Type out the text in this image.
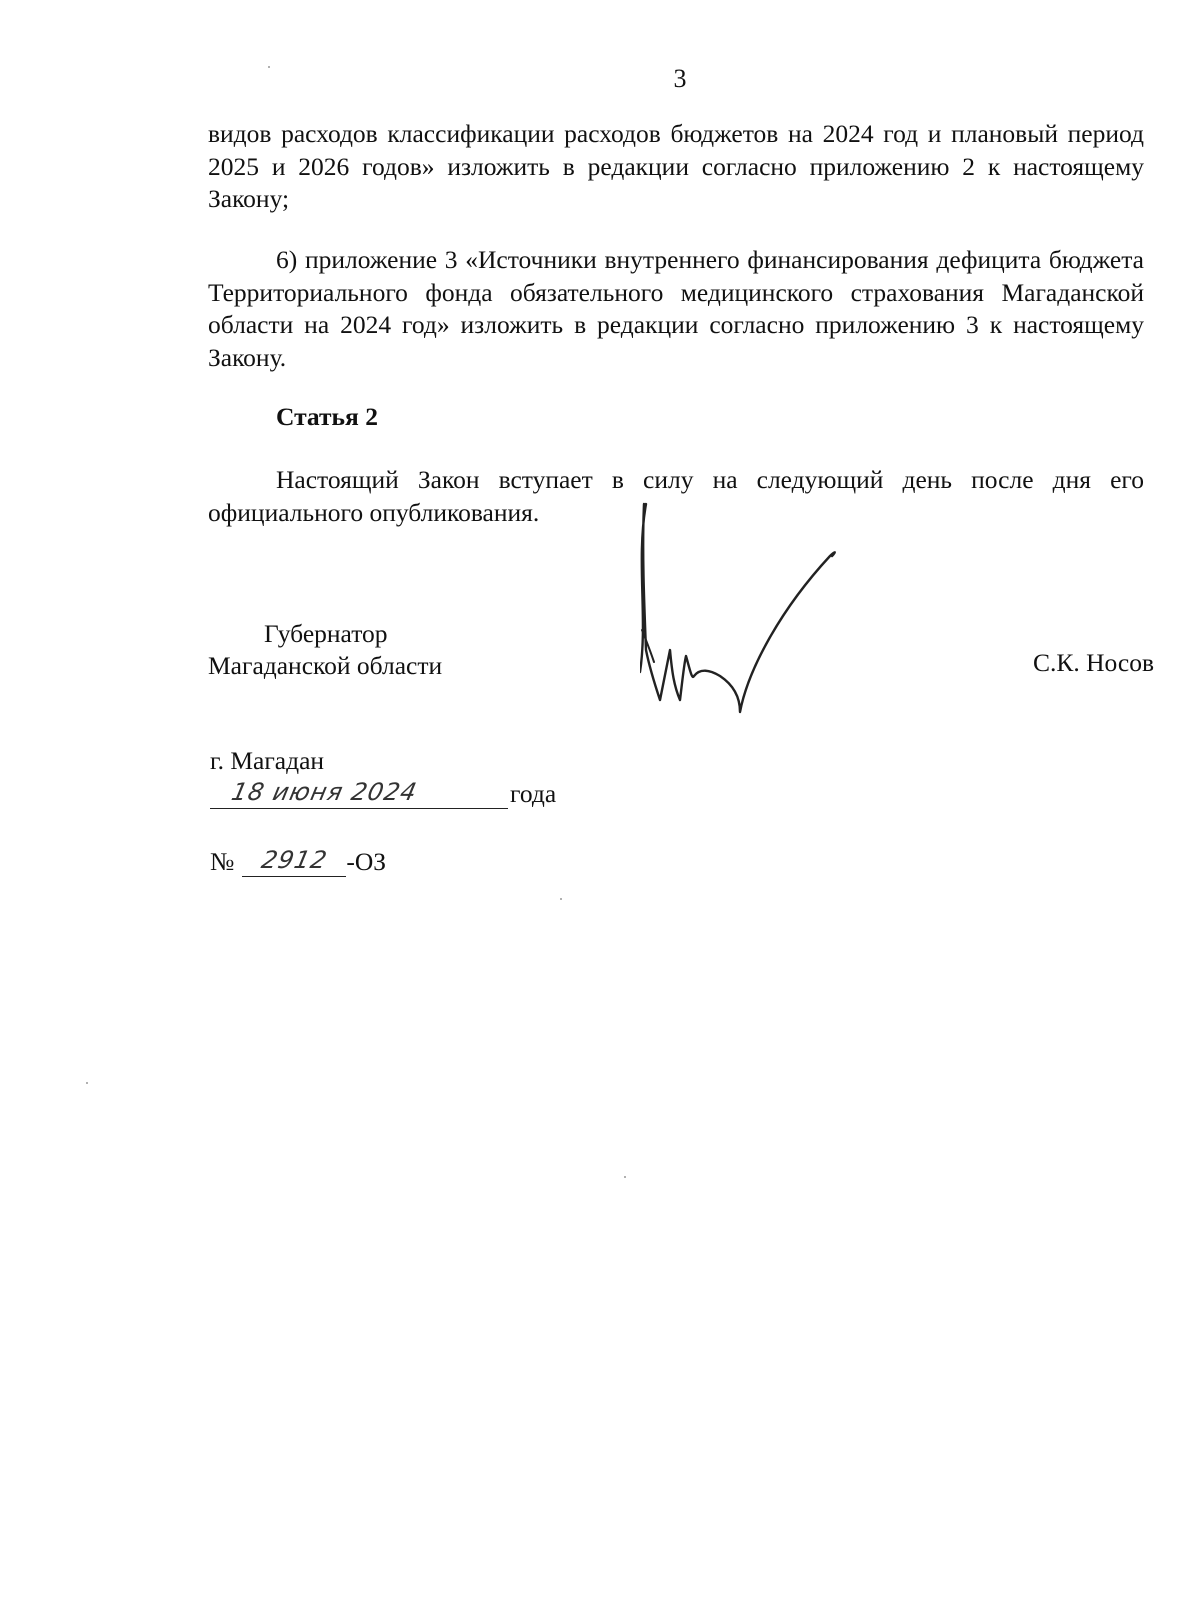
3
видов расходов классификации расходов бюджетов на 2024 год и плановый период 2025 и 2026 годов» изложить в редакции согласно приложению 2 к настоящему Закону;
6) приложение 3 «Источники внутреннего финансирования дефицита бюджета Территориального фонда обязательного медицинского страхования Магаданской области на 2024 год» изложить в редакции согласно приложению 3 к настоящему Закону.
Статья 2
Настоящий Закон вступает в силу на следующий день после дня его официального опубликования.
Губернатор
Магаданской области	С.К. Носов
г. Магадан
18 июня 2024	года
№ 2912 -ОЗ
